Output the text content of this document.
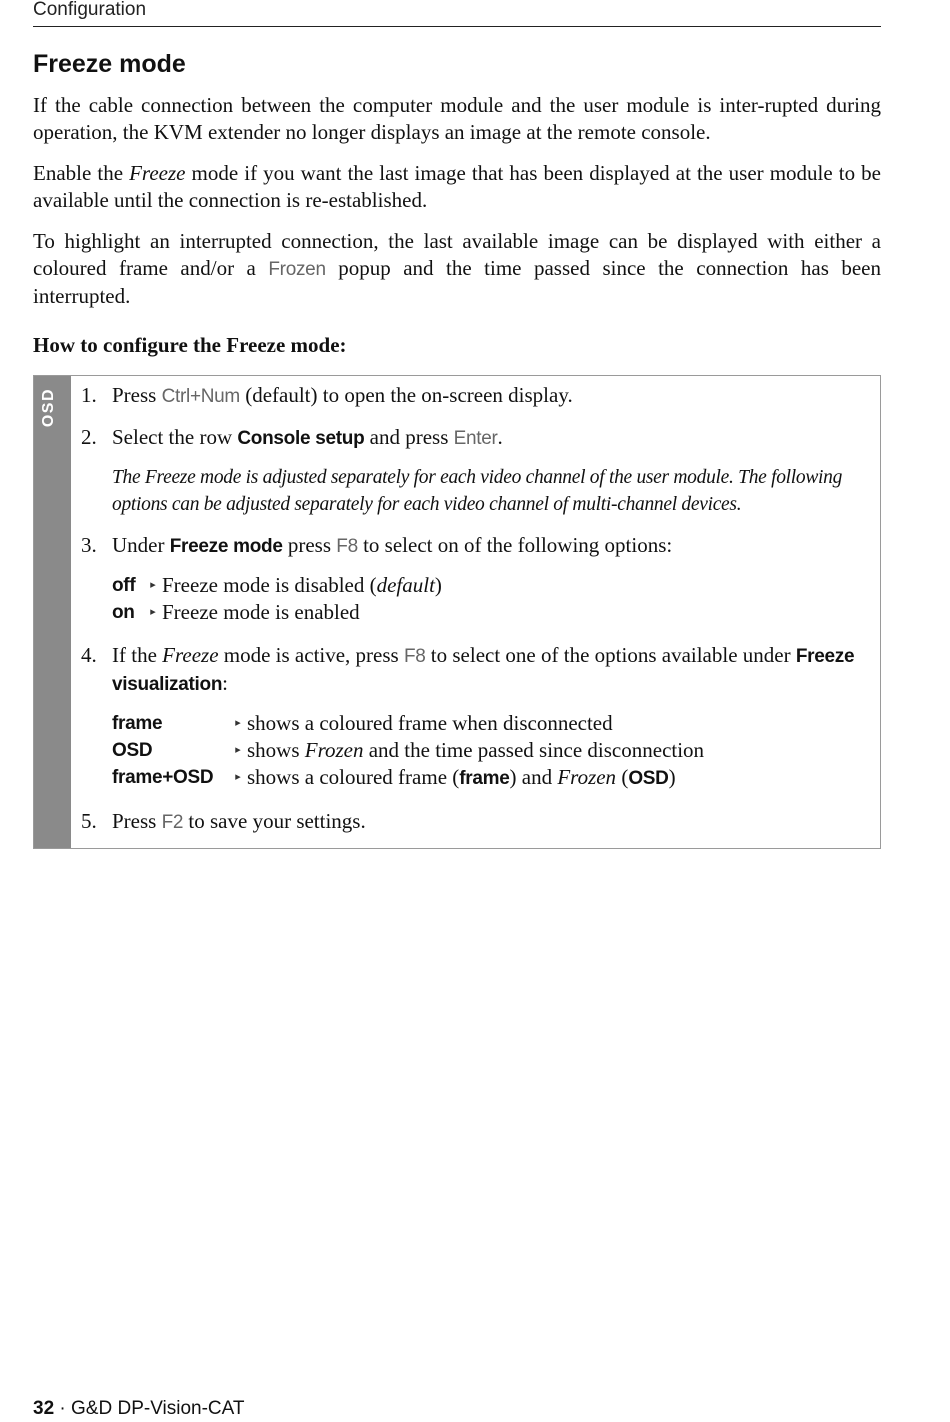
Configuration
Freeze mode

If the cable connection between the computer module and the user module is inter-rupted during operation, the KVM extender no longer displays an image at the remote console.

Enable the Freeze mode if you want the last image that has been displayed at the user module to be available until the connection is re-established.

To highlight an interrupted connection, the last available image can be displayed with either a coloured frame and/or a Frozen popup and the time passed since the connection has been interrupted.

How to configure the Freeze mode:
OSD 1. Press Ctrl+Num (default) to open the on-screen display.
2. Select the row Console setup and press Enter.
The Freeze mode is adjusted separately for each video channel of the user module. The following options can be adjusted separately for each video channel of multi-channel devices.
3. Under Freeze mode press F8 to select on of the following options:
off	▸ Freeze mode is disabled (default)
on	▸ Freeze mode is enabled
4. If the Freeze mode is active, press F8 to select one of the options available under Freeze visualization:
frame	▸ shows a coloured frame when disconnected
OSD	▸ shows Frozen and the time passed since disconnection
frame+OSD	▸ shows a coloured frame (frame) and Frozen (OSD)
5. Press F2 to save your settings.
32 · G&D DP-Vision-CAT
